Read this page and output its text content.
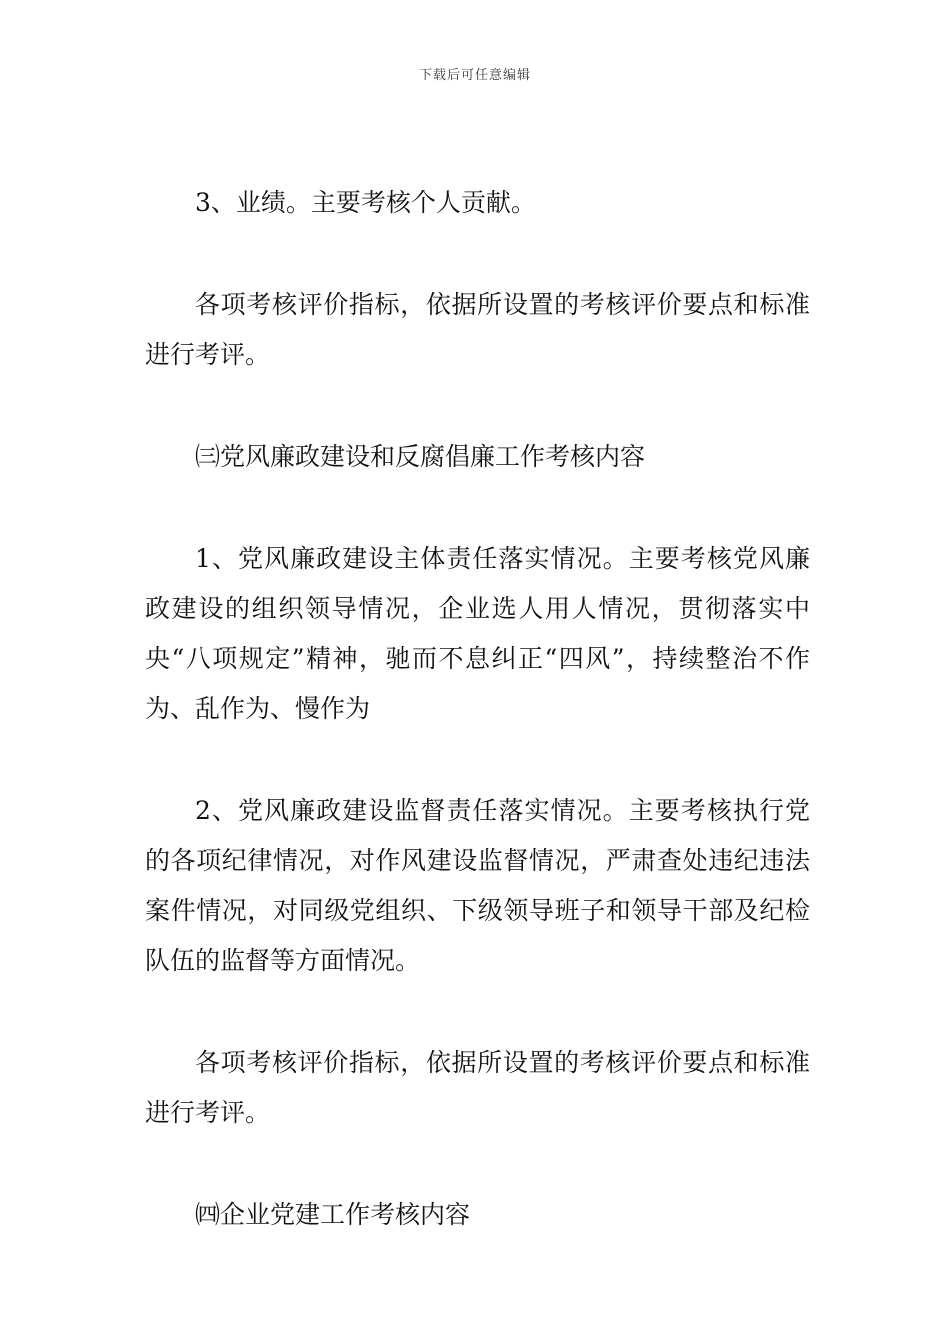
下载后可任意编辑

3、业绩。主要考核个人贡献。

各项考核评价指标，依据所设置的考核评价要点和标准进行考评。

㈢党风廉政建设和反腐倡廉工作考核内容

1、党风廉政建设主体责任落实情况。主要考核党风廉政建设的组织领导情况，企业选人用人情况，贯彻落实中央“八项规定”精神，驰而不息纠正“四风”，持续整治不作为、乱作为、慢作为

2、党风廉政建设监督责任落实情况。主要考核执行党的各项纪律情况，对作风建设监督情况，严肃查处违纪违法案件情况，对同级党组织、下级领导班子和领导干部及纪检队伍的监督等方面情况。

各项考核评价指标，依据所设置的考核评价要点和标准进行考评。

㈣企业党建工作考核内容
